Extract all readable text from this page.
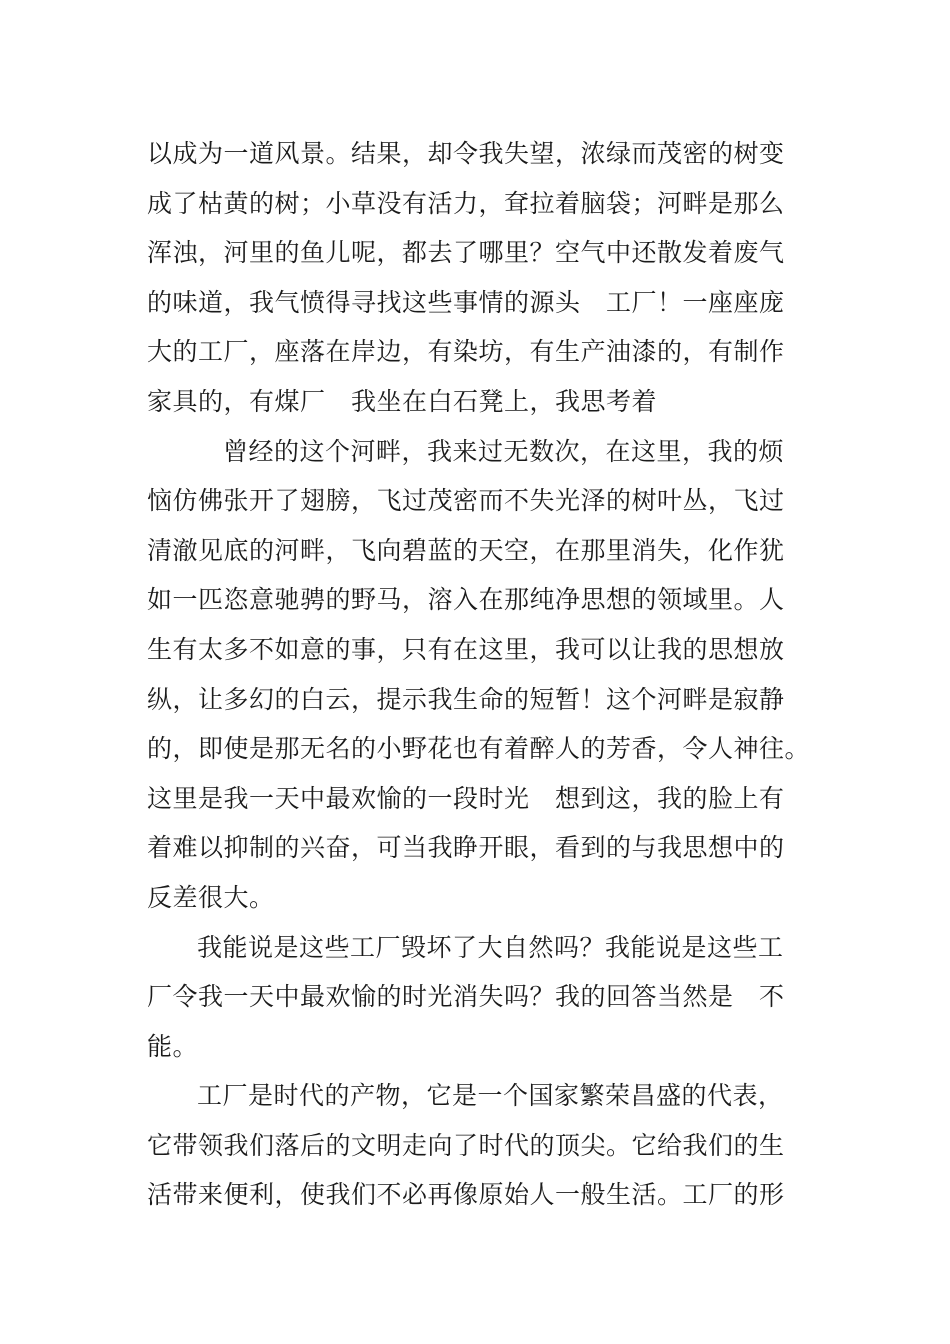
以成为一道风景。结果，却令我失望，浓绿而茂密的树变
成了枯黄的树；小草没有活力，耷拉着脑袋；河畔是那么
浑浊，河里的鱼儿呢，都去了哪里？空气中还散发着废气
的味道，我气愤得寻找这些事情的源头　工厂！一座座庞
大的工厂，座落在岸边，有染坊，有生产油漆的，有制作
家具的，有煤厂　我坐在白石凳上，我思考着
曾经的这个河畔，我来过无数次，在这里，我的烦
恼仿佛张开了翅膀，飞过茂密而不失光泽的树叶丛，飞过
清澈见底的河畔，飞向碧蓝的天空，在那里消失，化作犹
如一匹恣意驰骋的野马，溶入在那纯净思想的领域里。人
生有太多不如意的事，只有在这里，我可以让我的思想放
纵，让多幻的白云，提示我生命的短暂！这个河畔是寂静
的，即使是那无名的小野花也有着醉人的芳香，令人神往。
这里是我一天中最欢愉的一段时光　想到这，我的脸上有
着难以抑制的兴奋，可当我睁开眼，看到的与我思想中的
反差很大。
我能说是这些工厂毁坏了大自然吗？我能说是这些工
厂令我一天中最欢愉的时光消失吗？我的回答当然是　不
能。
工厂是时代的产物，它是一个国家繁荣昌盛的代表，
它带领我们落后的文明走向了时代的顶尖。它给我们的生
活带来便利，使我们不必再像原始人一般生活。工厂的形
